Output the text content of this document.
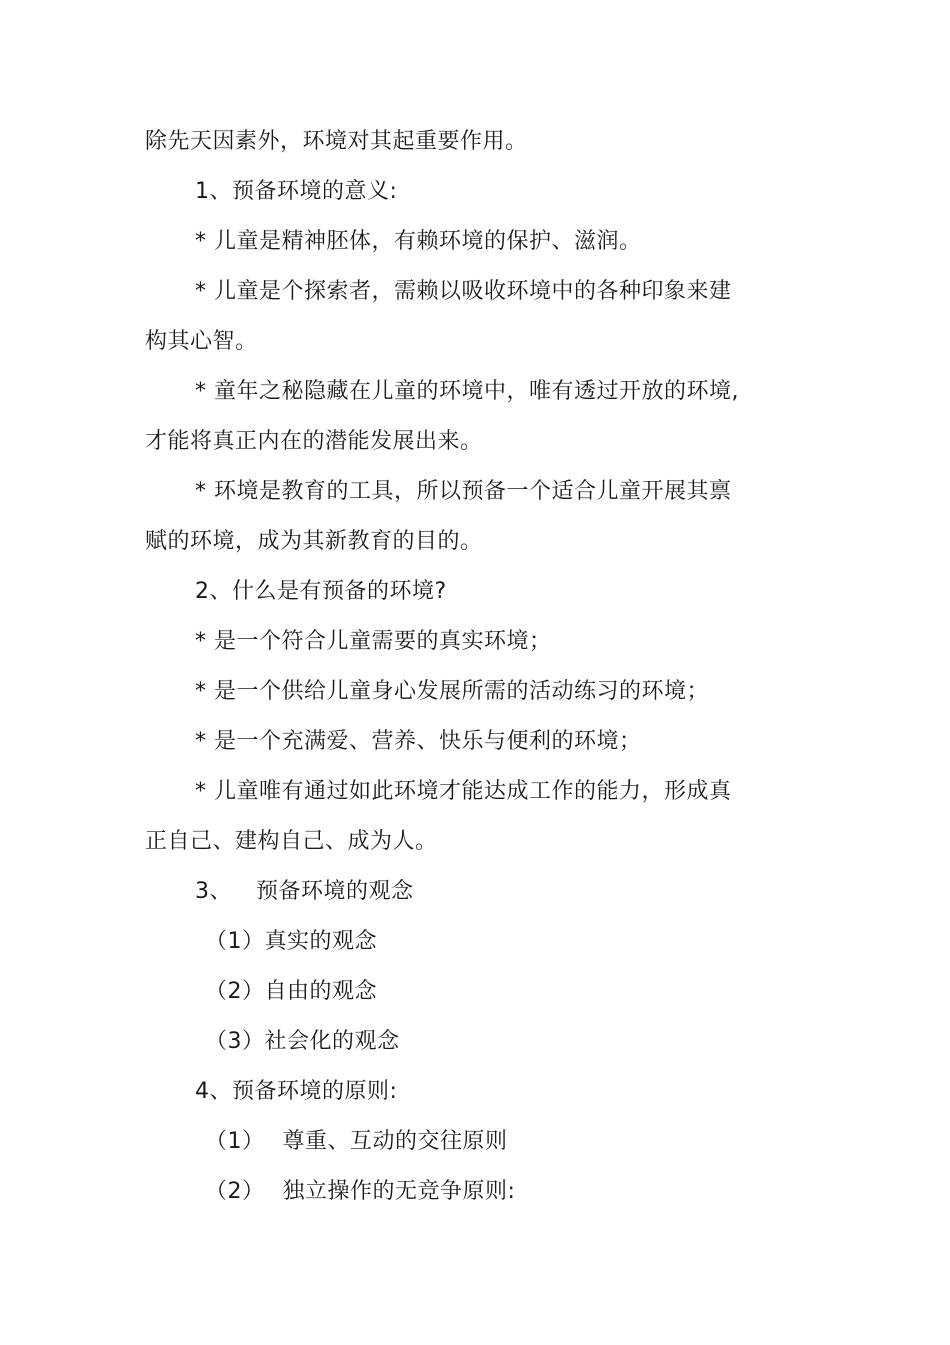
除先天因素外，环境对其起重要作用。
1、预备环境的意义:
* 儿童是精神胚体，有赖环境的保护、滋润。
* 儿童是个探索者，需赖以吸收环境中的各种印象来建
构其心智。
* 童年之秘隐藏在儿童的环境中，唯有透过开放的环境,
才能将真正内在的潜能发展出来。
* 环境是教育的工具，所以预备一个适合儿童开展其禀
赋的环境，成为其新教育的目的。
2、什么是有预备的环境?
* 是一个符合儿童需要的真实环境；
* 是一个供给儿童身心发展所需的活动练习的环境；
* 是一个充满爱、营养、快乐与便利的环境；
* 儿童唯有通过如此环境才能达成工作的能力，形成真
正自己、建构自己、成为人。
3、 预备环境的观念
（1）真实的观念
（2）自由的观念
（3）社会化的观念
4、预备环境的原则:
（1） 尊重、互动的交往原则
（2） 独立操作的无竞争原则:
